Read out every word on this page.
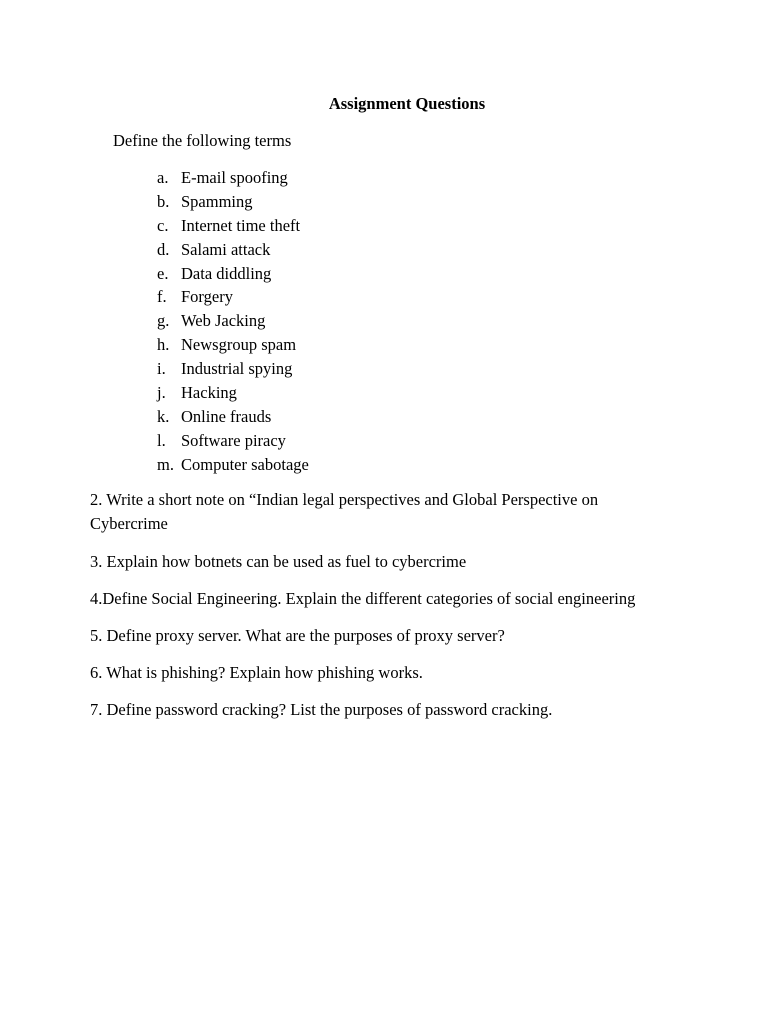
Assignment Questions
Define the following terms
a. E-mail spoofing
b. Spamming
c. Internet time theft
d. Salami attack
e. Data diddling
f. Forgery
g. Web Jacking
h. Newsgroup spam
i. Industrial spying
j. Hacking
k. Online frauds
l. Software piracy
m. Computer sabotage
2. Write a short note on “Indian legal perspectives and Global Perspective on Cybercrime
3. Explain how botnets can be used as fuel to cybercrime
4.Define Social Engineering. Explain the different categories of social engineering
5. Define proxy server. What are the purposes of proxy server?
6. What is phishing? Explain how phishing works.
7. Define password cracking? List the purposes of password cracking.
